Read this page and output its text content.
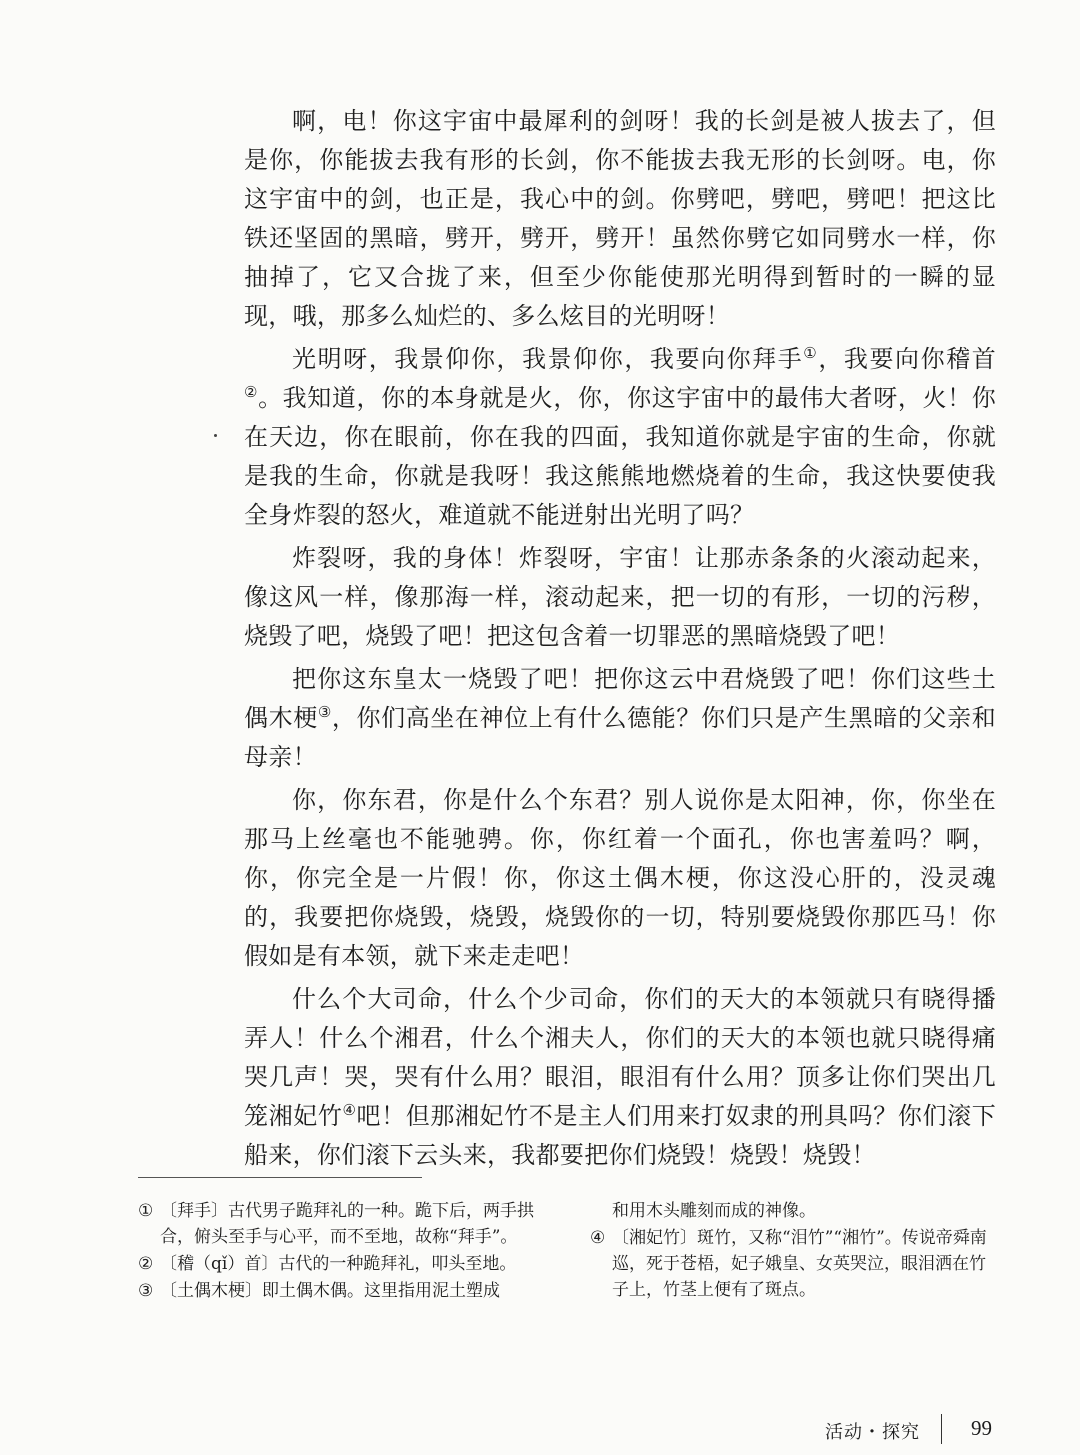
啊，电！你这宇宙中最犀利的剑呀！我的长剑是被人拔去了，但是你，你能拔去我有形的长剑，你不能拔去我无形的长剑呀。电，你这宇宙中的剑，也正是，我心中的剑。你劈吧，劈吧，劈吧！把这比铁还坚固的黑暗，劈开，劈开，劈开！虽然你劈它如同劈水一样，你抽掉了，它又合拢了来，但至少你能使那光明得到暂时的一瞬的显现，哦，那多么灿烂的、多么炫目的光明呀！

光明呀，我景仰你，我景仰你，我要向你拜手①，我要向你稽首②。我知道，你的本身就是火，你，你这宇宙中的最伟大者呀，火！你在天边，你在眼前，你在我的四面，我知道你就是宇宙的生命，你就是我的生命，你就是我呀！我这熊熊地燃烧着的生命，我这快要使我全身炸裂的怒火，难道就不能迸射出光明了吗？

炸裂呀，我的身体！炸裂呀，宇宙！让那赤条条的火滚动起来，像这风一样，像那海一样，滚动起来，把一切的有形，一切的污秽，烧毁了吧，烧毁了吧！把这包含着一切罪恶的黑暗烧毁了吧！

把你这东皇太一烧毁了吧！把你这云中君烧毁了吧！你们这些土偶木梗③，你们高坐在神位上有什么德能？你们只是产生黑暗的父亲和母亲！

你，你东君，你是什么个东君？别人说你是太阳神，你，你坐在那马上丝毫也不能驰骋。你，你红着一个面孔，你也害羞吗？啊，你，你完全是一片假！你，你这土偶木梗，你这没心肝的，没灵魂的，我要把你烧毁，烧毁，烧毁你的一切，特别要烧毁你那匹马！你假如是有本领，就下来走走吧！

什么个大司命，什么个少司命，你们的天大的本领就只有晓得播弄人！什么个湘君，什么个湘夫人，你们的天大的本领也就只晓得痛哭几声！哭，哭有什么用？眼泪，眼泪有什么用？顶多让你们哭出几笼湘妃竹④吧！但那湘妃竹不是主人们用来打奴隶的刑具吗？你们滚下船来，你们滚下云头来，我都要把你们烧毁！烧毁！烧毁！

① 〔拜手〕古代男子跪拜礼的一种。跪下后，两手拱合，俯头至手与心平，而不至地，故称“拜手”。

② 〔稽（qǐ）首〕古代的一种跪拜礼，叩头至地。

③ 〔土偶木梗〕即土偶木偶。这里指用泥土塑成

和用木头雕刻而成的神像。

④ 〔湘妃竹〕斑竹，又称“泪竹”“湘竹”。传说帝舜南巡，死于苍梧，妃子娥皇、女英哭泣，眼泪洒在竹子上，竹茎上便有了斑点。

活动・探究 99
